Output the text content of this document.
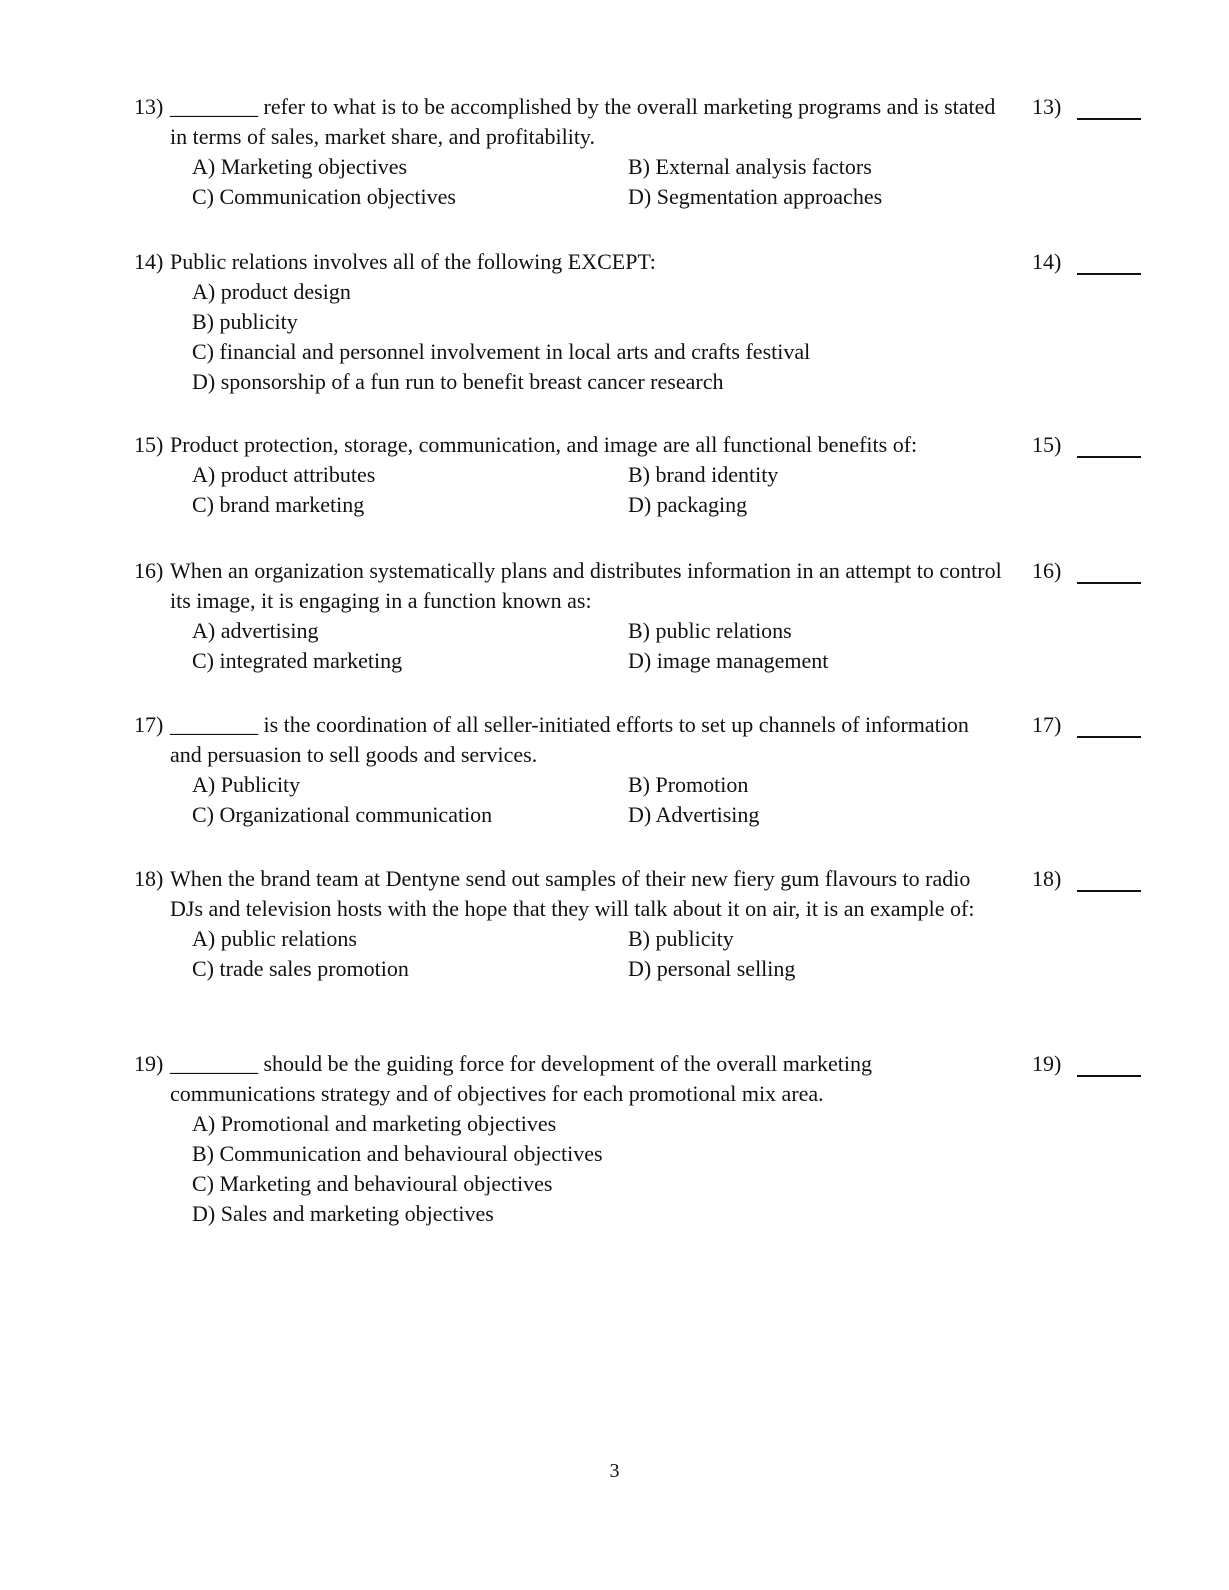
13) ________ refer to what is to be accomplished by the overall marketing programs and is stated in terms of sales, market share, and profitability.
A) Marketing objectives	B) External analysis factors
C) Communication objectives	D) Segmentation approaches
13)
14) Public relations involves all of the following EXCEPT:
A) product design
B) publicity
C) financial and personnel involvement in local arts and crafts festival
D) sponsorship of a fun run to benefit breast cancer research
14)
15) Product protection, storage, communication, and image are all functional benefits of:
A) product attributes	B) brand identity
C) brand marketing	D) packaging
15)
16) When an organization systematically plans and distributes information in an attempt to control its image, it is engaging in a function known as:
A) advertising	B) public relations
C) integrated marketing	D) image management
16)
17) ________ is the coordination of all seller-initiated efforts to set up channels of information and persuasion to sell goods and services.
A) Publicity	B) Promotion
C) Organizational communication	D) Advertising
17)
18) When the brand team at Dentyne send out samples of their new fiery gum flavours to radio DJs and television hosts with the hope that they will talk about it on air, it is an example of:
A) public relations	B) publicity
C) trade sales promotion	D) personal selling
18)
19) ________ should be the guiding force for development of the overall marketing communications strategy and of objectives for each promotional mix area.
A) Promotional and marketing objectives
B) Communication and behavioural objectives
C) Marketing and behavioural objectives
D) Sales and marketing objectives
19)
3
